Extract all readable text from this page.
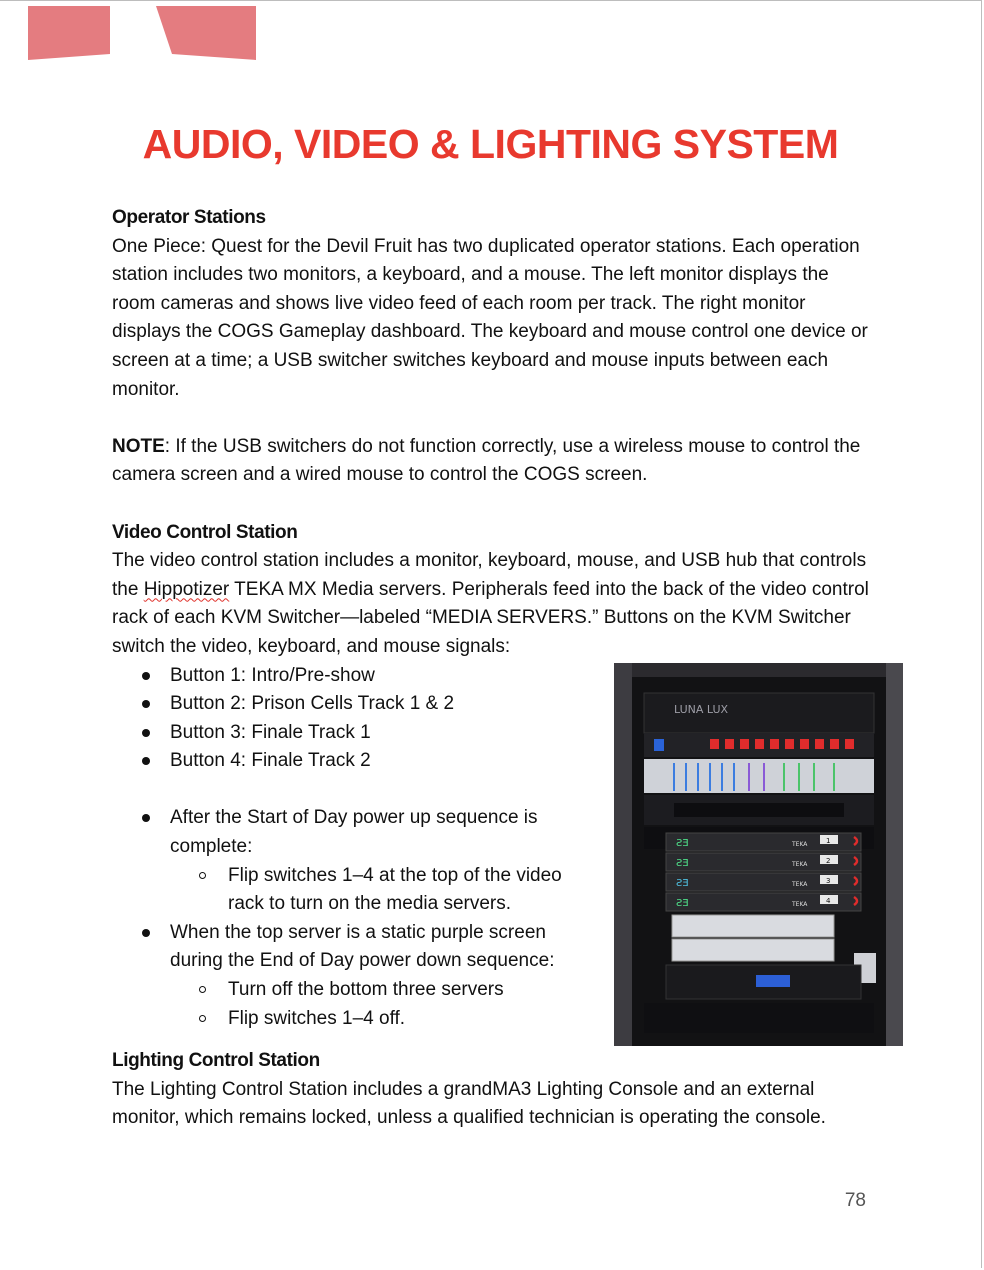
AUDIO, VIDEO & LIGHTING SYSTEM

Operator Stations

One Piece: Quest for the Devil Fruit has two duplicated operator stations. Each operation station includes two monitors, a keyboard, and a mouse. The left monitor displays the room cameras and shows live video feed of each room per track. The right monitor displays the COGS Gameplay dashboard. The keyboard and mouse control one device or screen at a time; a USB switcher switches keyboard and mouse inputs between each monitor.

NOTE: If the USB switchers do not function correctly, use a wireless mouse to control the camera screen and a wired mouse to control the COGS screen.

Video Control Station

The video control station includes a monitor, keyboard, mouse, and USB hub that controls the Hippotizer TEKA MX Media servers. Peripherals feed into the back of the video control rack of each KVM Switcher—labeled “MEDIA SERVERS.” Buttons on the KVM Switcher switch the video, keyboard, and mouse signals:

Button 1: Intro/Pre-show
Button 2: Prison Cells Track 1 & 2
Button 3: Finale Track 1
Button 4: Finale Track 2
After the Start of Day power up sequence is complete:
Flip switches 1–4 at the top of the video rack to turn on the media servers.
When the top server is a static purple screen during the End of Day power down sequence:
Turn off the bottom three servers
Flip switches 1–4 off.

Lighting Control Station

The Lighting Control Station includes a grandMA3 Lighting Console and an external monitor, which remains locked, unless a qualified technician is operating the console.

LUNA LUX
ƧƎ
ƧƎ
ƧƎ
ƧƎ
TEKA
TEKA
TEKA
TEKA
1
2
3
4
78
